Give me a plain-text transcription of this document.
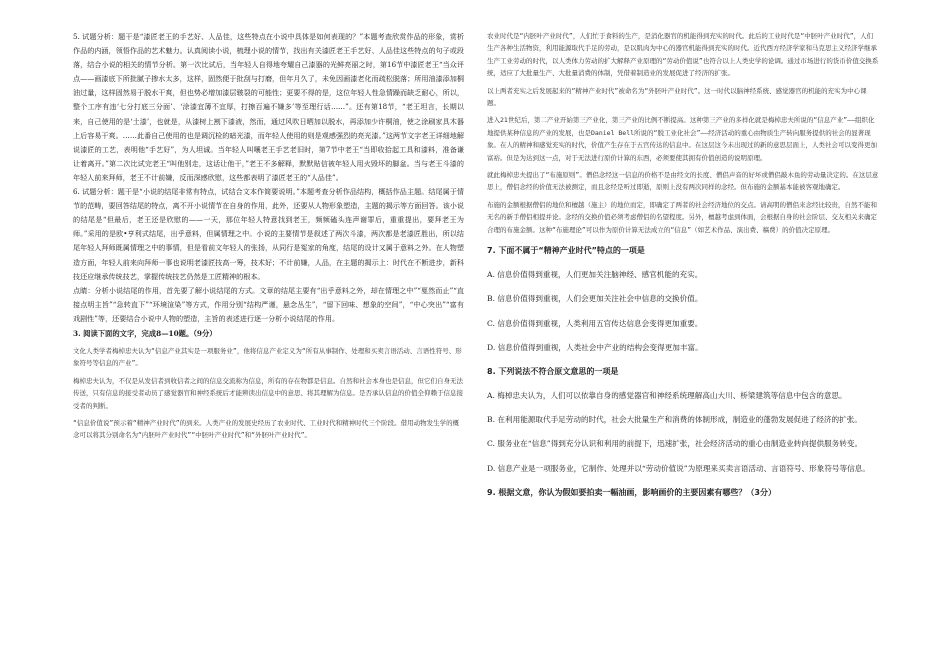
5. 试题分析：题干是“漆匠老王的手艺好、人品佳，这些特点在小说中具体是如何表现的？”本题考查欣赏作品的形象，赏析作品的内涵，领悟作品的艺术魅力。认真阅读小说，梳理小说的情节，找出有关漆匠老王手艺好、人品佳这些特点的句子或段落，结合小说的相关的情节分析。第一次比试后，当年轻人自得地夸耀自己漆器的光鲜亮丽之时，第16节中漆匠老王“当众评点——画漆底下所批腻子掺水太多，这样，固然便于批刮与打磨，但年月久了，未免因画漆老化而疏松脱落；所用油漆添加桐油过量，这样固然易于脱水干爽，但也势必增加漆层皲裂的可能性；更要不得的是，这位年轻人性急情躁而缺乏耐心，所以，整个工序有违‘七分打底三分面’、‘涂漆宜薄不宜厚，打擦百遍不嫌多’等至理行话……”。还有第18节，“老王坦言，长期以来，自己使用的是‘土漆’，也就是，从漆树上割下漆液，然而，通过风吹日晒加以脱水，再添加少许桐油，使之涂刷家具木器上后容易干爽。……此番自己使用的也是调沉检的暗光漆，而年轻人使用的则是观感强烈的亮光漆。”这两节文字老王详细地解说漆匠的工艺，表明他“手艺好”，为人坦诚。当年轻人叫嚷老王手艺老旧时，第7节中老王“当即收拾起工具和漆料，准备谦让着离开。”第二次比试完老王“叫他别走，这话让他干，”老王不多解释，默默贴信被年轻人用火毁坏的脚盆。当与老王斗漆的年轻人前来拜师，老王不计前嫌，反而深感欣慰，这些都表明了漆匠老王的“人品佳”。

6. 试题分析：题干是“小说的结尾非常有特点，试结合文本作简要说明。”本题考查分析作品结构，概括作品主题。结尾属于情节的范畴，要回答结尾的特点，离不开小说情节在自身的作用，此外，还要从人物形象塑造，主题的揭示等方面回答。该小说的结尾是“但最后，老王还是欣慰的——一天，那位年轻人特意找到老王，频频磕头连声谢罪后，重重提出，要拜老王为师。”采用的是欧•亨利式结尾，出乎意料，但属情理之中。小说的主要情节是叙述了两次斗漆，两次都是老漆匠胜出，所以结尾年轻人拜师既属情理之中的事情，但是看前文年轻人的张扬，从同行是冤家的角度，结尾的设计又属于意料之外。在人物塑造方面，年轻人前来向拜师一事也说明老漆匠技高一筹，技术好；不计前嫌，人品，在主题的揭示上：时代在不断进步，新科技还应继承传统技艺，掌握传统技艺仍然是工匠精神的根本。

点睛：分析小说结尾的作用，首先要了解小说结尾的方式。文章的结尾主要有“出乎意料之外，却在情理之中”“戛然而止”“直接点明主旨”“急转直下”“环境渲染”等方式，作用分别“结构严谨，悬念丛生”，“留下回味、想象的空间”，“中心突出”“富有戏剧性”等，还要结合小说中人物的塑造，主旨的表述进行逐一分析小说结尾的作用。

3. 阅读下面的文字，完成8—10题。（9分）

文化人类学者梅棹忠夫认为“信息产业其实是一项服务业”，他将信息产业定义为“所有从事制作、处理和买卖言语活动、言语性符号、形象符号等信息的产业”。

梅棹忠夫认为，不仅是从发信者到收信者之间的信息交流称为信息，所有的存在物都是信息。自然和社会本身也是信息，但它们自身无法传送，只有信息的接受者动员了感觉器官和神经系统后才能辨读出信息中的意思、将其理解为信息。是否承认信息的价值全仰赖于信息接受者的判断。

“信息价值说”预示着“精神产业时代”的到来。人类产业的发展史经历了农业时代、工业时代和精神时代三个阶段。借用动物发生学的概念可以将其分别命名为“内胚叶产业时代”“中胚叶产业时代”和“外胚叶产业时代”。

农业时代是“内胚叶产业时代”，人们忙于食料的生产，是消化器官的机能得到充实的时代。此后的工业时代是“中胚叶产业时代”，人们生产各种生活物资，利用能源取代手足的劳动，是以肌肉为中心的器官机能得到充实的时代。近代西方经济学家和马克思主义经济学继承生产工业劳动的时代，以人类体力劳动的扩大解释产业原理的“劳动价值说”也符合以上人类史学的论调。通过市场进行的货币价值交换系统，适应了大批量生产、大批量消费的体制，凭借着制造业的发展促进了经济的扩张。

以上两者充实之后发展起来的“精神产业时代”被命名为“外胚叶产业时代”。这一时代以脑神经系统、感觉器官的机能的充实为中心课题。

进入21世纪后，第二产业开始第三产业化，第三产业的比例不断提高。这种第三产业的多样化就是梅棹忠夫所说的“信息产业”——组织化地提供某种信息的产业的发展，也是Daniel Bell所说的“脱工业化社会”——经济活动的重心由物质生产转向服务提供的社会的显著现象。在人的精神和感觉充实的时代，价值产生存在于五官传达的信息中。在这层这今未出现过的新的意思层面上，人类社会可以变得更加富裕。但是为达到这一点，对于无法进行原价计算的东西，必须要使其拥有价值创造的说明原理。

就此梅棹忠夫提出了“布施原则”。僧侣念经这一信息的价格不是由经文的长度、僧侣声音的好坏或僧侣敲木鱼的劳动量决定的。在这层意思上，僧侣念经的价值无法被测定，而且念经是听过即逝，原则上没有两次同样的念经。但布施的金额基本能被客观地确定。

布施的金额根据僧侣的地位和檀越（施主）的地位而定，即确定了两者的社会经济地位的交点。请高明的僧侣来念经比较贵，自然不能和无名的新手僧侣相提并论。念经的交换价值必须考虑僧侣的名望程度。另外，檀越考虑到体面，会根据自身的社会阶层、交友相关来确定合理的布施金额。这种“布施理论”可以作为原价计算无法成立的“信息”（如艺术作品、演出费、稿费）的价值决定原理。

7. 下面不属于“精神产业时代”特点的一项是

A. 信息价值得到重视，人们更加关注脑神经、感官机能的充实。

B. 信息价值得到重视，人们会更加关注社会中信息的交换价值。

C. 信息价值得到重视，人类利用五官传达信息会变得更加重要。

D. 信息价值得到重视，人类社会中产业的结构会变得更加丰富。

8. 下列说法不符合原文意思的一项是

A. 梅棹忠夫认为，人们可以依靠自身的感觉器官和神经系统理解高山大川、桥梁建筑等信息中包含的意思。

B. 在利用能源取代手足劳动的时代，社会大批量生产和消费的体制形成，制造业的蓬勃发展促进了经济的扩张。

C. 服务业在“信息”得到充分认识和利用的前提下，迅速扩张，社会经济活动的重心由制造业转向提供服务转变。

D. 信息产业是一项服务业，它制作、处理并以“劳动价值说”为原理来买卖言语活动、言语符号、形象符号等信息。

9. 根据文意，你认为假如要拍卖一幅油画，影响画价的主要因素有哪些？（3分）
